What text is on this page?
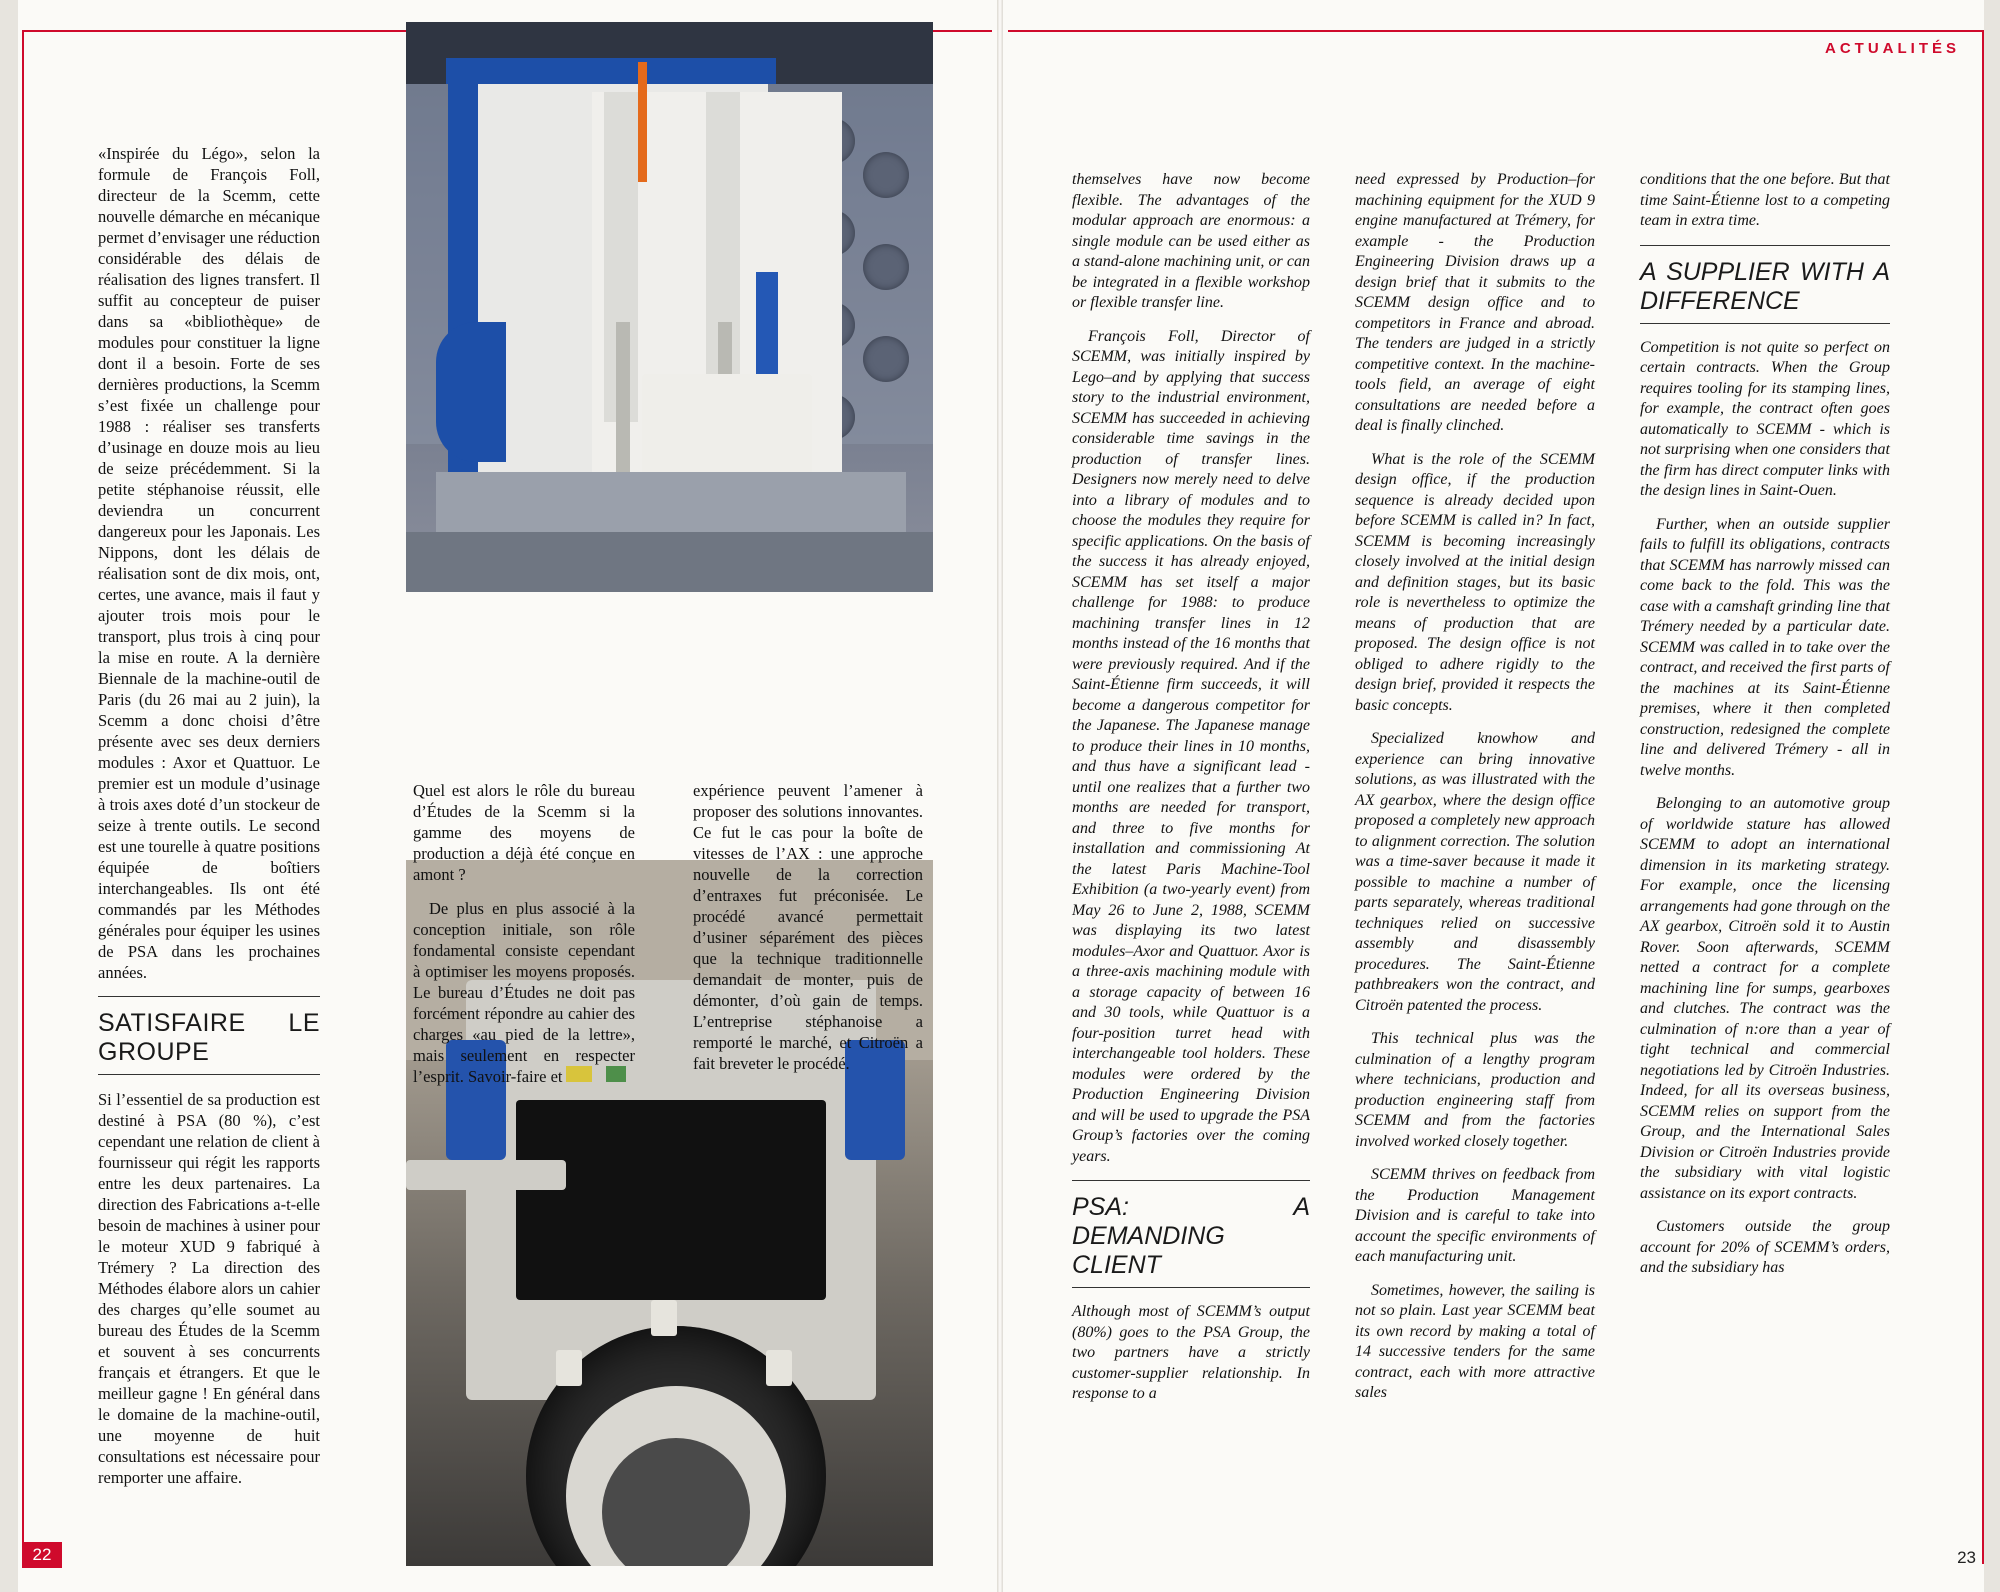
ACTUALITÉS
22	23

«Inspirée du Légo», selon la formule de François Foll, directeur de la Scemm, cette nouvelle démarche en mécanique permet d’envisager une réduction considérable des délais de réalisation des lignes transfert. Il suffit au concepteur de puiser dans sa «bibliothèque» de modules pour constituer la ligne dont il a besoin. Forte de ses dernières productions, la Scemm s’est fixée un challenge pour 1988 : réaliser ses transferts d’usinage en douze mois au lieu de seize précédemment. Si la petite stéphanoise réussit, elle deviendra un concurrent dangereux pour les Japonais. Les Nippons, dont les délais de réalisation sont de dix mois, ont, certes, une avance, mais il faut y ajouter trois mois pour le transport, plus trois à cinq pour la mise en route. A la dernière Biennale de la machine-outil de Paris (du 26 mai au 2 juin), la Scemm a donc choisi d’être présente avec ses deux derniers modules : Axor et Quattuor. Le premier est un module d’usinage à trois axes doté d’un stockeur de seize à trente outils. Le second est une tourelle à quatre positions équipée de boîtiers interchangeables. Ils ont été commandés par les Méthodes générales pour équiper les usines de PSA dans les prochaines années.

SATISFAIRE LE GROUPE

Si l’essentiel de sa production est destiné à PSA (80 %), c’est cependant une relation de client à fournisseur qui régit les rapports entre les deux partenaires. La direction des Fabrications a-t-elle besoin de machines à usiner pour le moteur XUD 9 fabriqué à Trémery ? La direction des Méthodes élabore alors un cahier des charges qu’elle soumet au bureau des Études de la Scemm et souvent à ses concurrents français et étrangers. Et que le meilleur gagne ! En général dans le domaine de la machine-outil, une moyenne de huit consultations est nécessaire pour remporter une affaire.

Quel est alors le rôle du bureau d’Études de la Scemm si la gamme des moyens de production a déjà été conçue en amont ?

De plus en plus associé à la conception initiale, son rôle fondamental consiste cependant à optimiser les moyens proposés. Le bureau d’Études ne doit pas forcément répondre au cahier des charges «au pied de la lettre», mais seulement en respecter l’esprit. Savoir-faire et

expérience peuvent l’amener à proposer des solutions innovantes. Ce fut le cas pour la boîte de vitesses de l’AX : une approche nouvelle de la correction d’entraxes fut préconisée. Le procédé avancé permettait d’usiner séparément des pièces que la technique traditionnelle demandait de monter, puis de démonter, d’où gain de temps. L’entreprise stéphanoise a remporté le marché, et Citroën a fait breveter le procédé.

themselves have now become flexible. The advantages of the modular approach are enormous: a single module can be used either as a stand-alone machining unit, or can be integrated in a flexible workshop or flexible transfer line.

François Foll, Director of SCEMM, was initially inspired by Lego–and by applying that success story to the industrial environment, SCEMM has succeeded in achieving considerable time savings in the production of transfer lines. Designers now merely need to delve into a library of modules and to choose the modules they require for specific applications. On the basis of the success it has already enjoyed, SCEMM has set itself a major challenge for 1988: to produce machining transfer lines in 12 months instead of the 16 months that were previously required. And if the Saint-Étienne firm succeeds, it will become a dangerous competitor for the Japanese. The Japanese manage to produce their lines in 10 months, and thus have a significant lead - until one realizes that a further two months are needed for transport, and three to five months for installation and commissioning At the latest Paris Machine-Tool Exhibition (a two-yearly event) from May 26 to June 2, 1988, SCEMM was displaying its two latest modules–Axor and Quattuor. Axor is a three-axis machining module with a storage capacity of between 16 and 30 tools, while Quattuor is a four-position turret head with interchangeable tool holders. These modules were ordered by the Production Engineering Division and will be used to upgrade the PSA Group’s factories over the coming years.

PSA: A DEMANDING CLIENT

Although most of SCEMM’s output (80%) goes to the PSA Group, the two partners have a strictly customer-supplier relationship. In response to a

need expressed by Production–for machining equipment for the XUD 9 engine manufactured at Trémery, for example - the Production Engineering Division draws up a design brief that it submits to the SCEMM design office and to competitors in France and abroad. The tenders are judged in a strictly competitive context. In the machine-tools field, an average of eight consultations are needed before a deal is finally clinched.

What is the role of the SCEMM design office, if the production sequence is already decided upon before SCEMM is called in? In fact, SCEMM is becoming increasingly closely involved at the initial design and definition stages, but its basic role is nevertheless to optimize the means of production that are proposed. The design office is not obliged to adhere rigidly to the design brief, provided it respects the basic concepts.

Specialized knowhow and experience can bring innovative solutions, as was illustrated with the AX gearbox, where the design office proposed a completely new approach to alignment correction. The solution was a time-saver because it made it possible to machine a number of parts separately, whereas traditional techniques relied on successive assembly and disassembly procedures. The Saint-Étienne pathbreakers won the contract, and Citroën patented the process.

This technical plus was the culmination of a lengthy program where technicians, production and production engineering staff from SCEMM and from the factories involved worked closely together.

SCEMM thrives on feedback from the Production Management Division and is careful to take into account the specific environments of each manufacturing unit.

Sometimes, however, the sailing is not so plain. Last year SCEMM beat its own record by making a total of 14 successive tenders for the same contract, each with more attractive sales

conditions that the one before. But that time Saint-Étienne lost to a competing team in extra time.

A SUPPLIER WITH A DIFFERENCE

Competition is not quite so perfect on certain contracts. When the Group requires tooling for its stamping lines, for example, the contract often goes automatically to SCEMM - which is not surprising when one considers that the firm has direct computer links with the design lines in Saint-Ouen.

Further, when an outside supplier fails to fulfill its obligations, contracts that SCEMM has narrowly missed can come back to the fold. This was the case with a camshaft grinding line that Trémery needed by a particular date. SCEMM was called in to take over the contract, and received the first parts of the machines at its Saint-Étienne premises, where it then completed construction, redesigned the complete line and delivered Trémery - all in twelve months.

Belonging to an automotive group of worldwide stature has allowed SCEMM to adopt an international dimension in its marketing strategy. For example, once the licensing arrangements had gone through on the AX gearbox, Citroën sold it to Austin Rover. Soon afterwards, SCEMM netted a contract for a complete machining line for sumps, gearboxes and clutches. The contract was the culmination of n:ore than a year of tight technical and commercial negotiations led by Citroën Industries. Indeed, for all its overseas business, SCEMM relies on support from the Group, and the International Sales Division or Citroën Industries provide the subsidiary with vital logistic assistance on its export contracts.

Customers outside the group account for 20% of SCEMM’s orders, and the subsidiary has
